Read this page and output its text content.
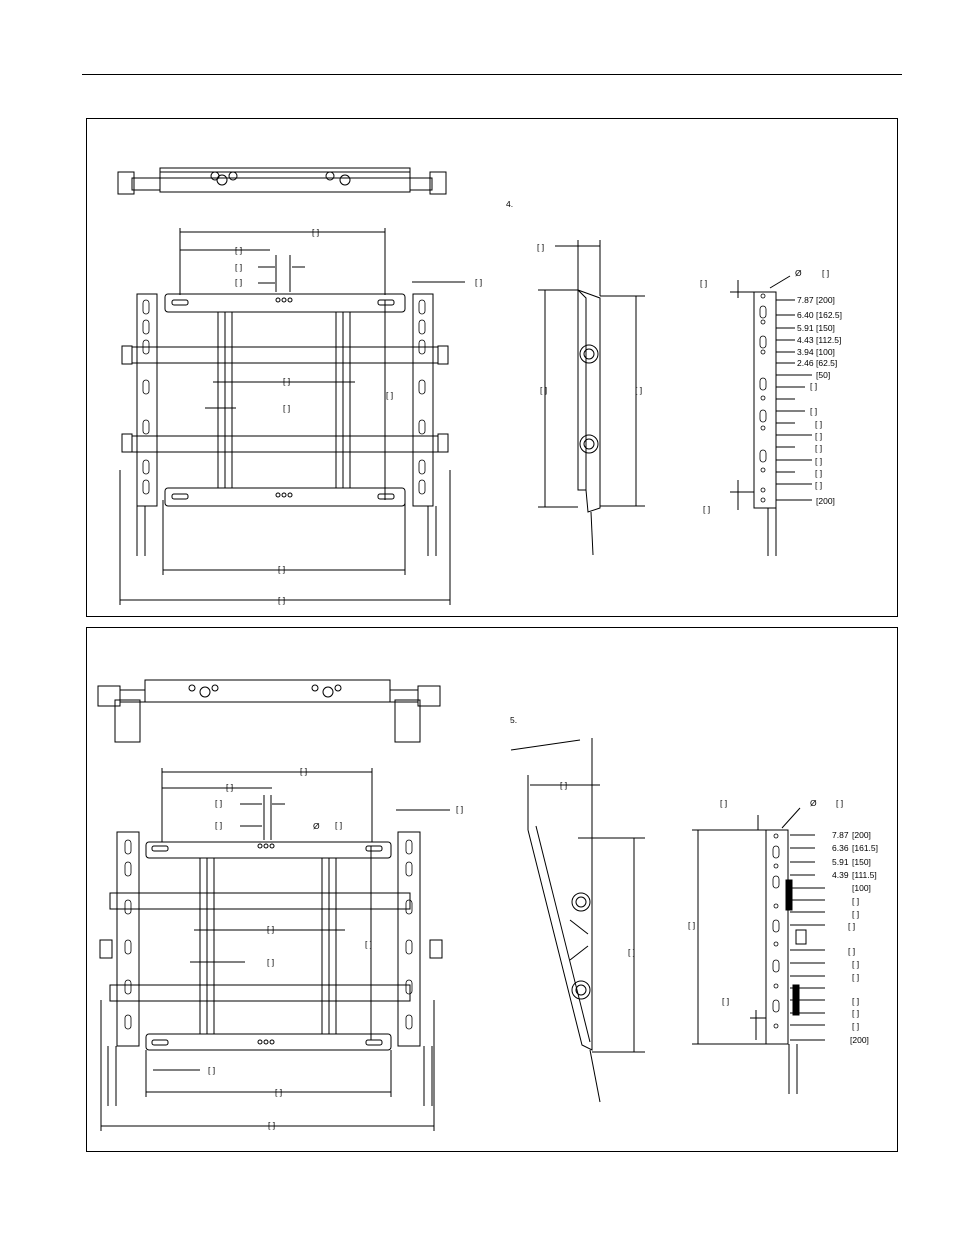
4.
Ø
7.87 [200]
6.40 [162.5]
5.91 [150]
4.43 [112.5]
3.94 [100]
2.46 [62.5]
[50]
[200]
5.
Ø
Ø
7.87 [200]
6.36 [161.5]
5.91 [150]
4.39 [111.5]
[100]
[200]
[ ]
[ ]
[ ]
[ ]	[ ]
[ ]
[ ]
[ ]
[ ]
[ ]
[ ]	[ ]
[ ]
[ ]
[ ]
[ ]
[ ]
[ ]
[ ]
[ ]
[ ]
[ ]
[ ]
[ ]
[ ]
[ ]
[ ]
[ ]	[ ]
[ ]
[ ]
[ ]
[ ]
[ ]
[ ]
[ ]
[ ]
[ ]
[ ]
[ ]
[ ]
[ ]
[ ]
[ ]
[ ]
[ ]
[ ]
[ ]
[ ]
[ ]
[ ]
